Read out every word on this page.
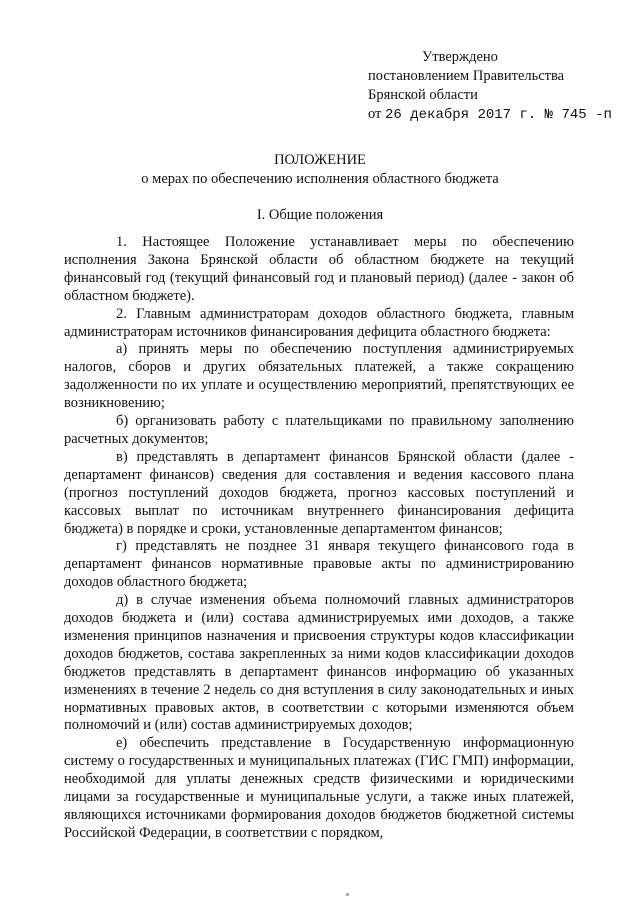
Утверждено
постановлением Правительства
Брянской области
от 26 декабря 2017 г. № 745 -п
ПОЛОЖЕНИЕ
о мерах по обеспечению исполнения областного бюджета
I. Общие положения

1. Настоящее Положение устанавливает меры по обеспечению исполнения Закона Брянской области об областном бюджете на текущий финансовый год (текущий финансовый год и плановый период) (далее - закон об областном бюджете).

2. Главным администраторам доходов областного бюджета, главным администраторам источников финансирования дефицита областного бюджета:

а) принять меры по обеспечению поступления администрируемых налогов, сборов и других обязательных платежей, а также сокращению задолженности по их уплате и осуществлению мероприятий, препятствующих ее возникновению;

б) организовать работу с плательщиками по правильному заполнению расчетных документов;

в) представлять в департамент финансов Брянской области (далее - департамент финансов) сведения для составления и ведения кассового плана (прогноз поступлений доходов бюджета, прогноз кассовых поступлений и кассовых выплат по источникам внутреннего финансирования дефицита бюджета) в порядке и сроки, установленные департаментом финансов;

г) представлять не позднее 31 января текущего финансового года в департамент финансов нормативные правовые акты по администрированию доходов областного бюджета;

д) в случае изменения объема полномочий главных администраторов доходов бюджета и (или) состава администрируемых ими доходов, а также изменения принципов назначения и присвоения структуры кодов классификации доходов бюджетов, состава закрепленных за ними кодов классификации доходов бюджетов представлять в департамент финансов информацию об указанных изменениях в течение 2 недель со дня вступления в силу законодательных и иных нормативных правовых актов, в соответствии с которыми изменяются объем полномочий и (или) состав администрируемых доходов;

е) обеспечить представление в Государственную информационную систему о государственных и муниципальных платежах (ГИС ГМП) информации, необходимой для уплаты денежных средств физическими и юридическими лицами за государственные и муниципальные услуги, а также иных платежей, являющихся источниками формирования доходов бюджетов бюджетной системы Российской Федерации, в соответствии с порядком,
